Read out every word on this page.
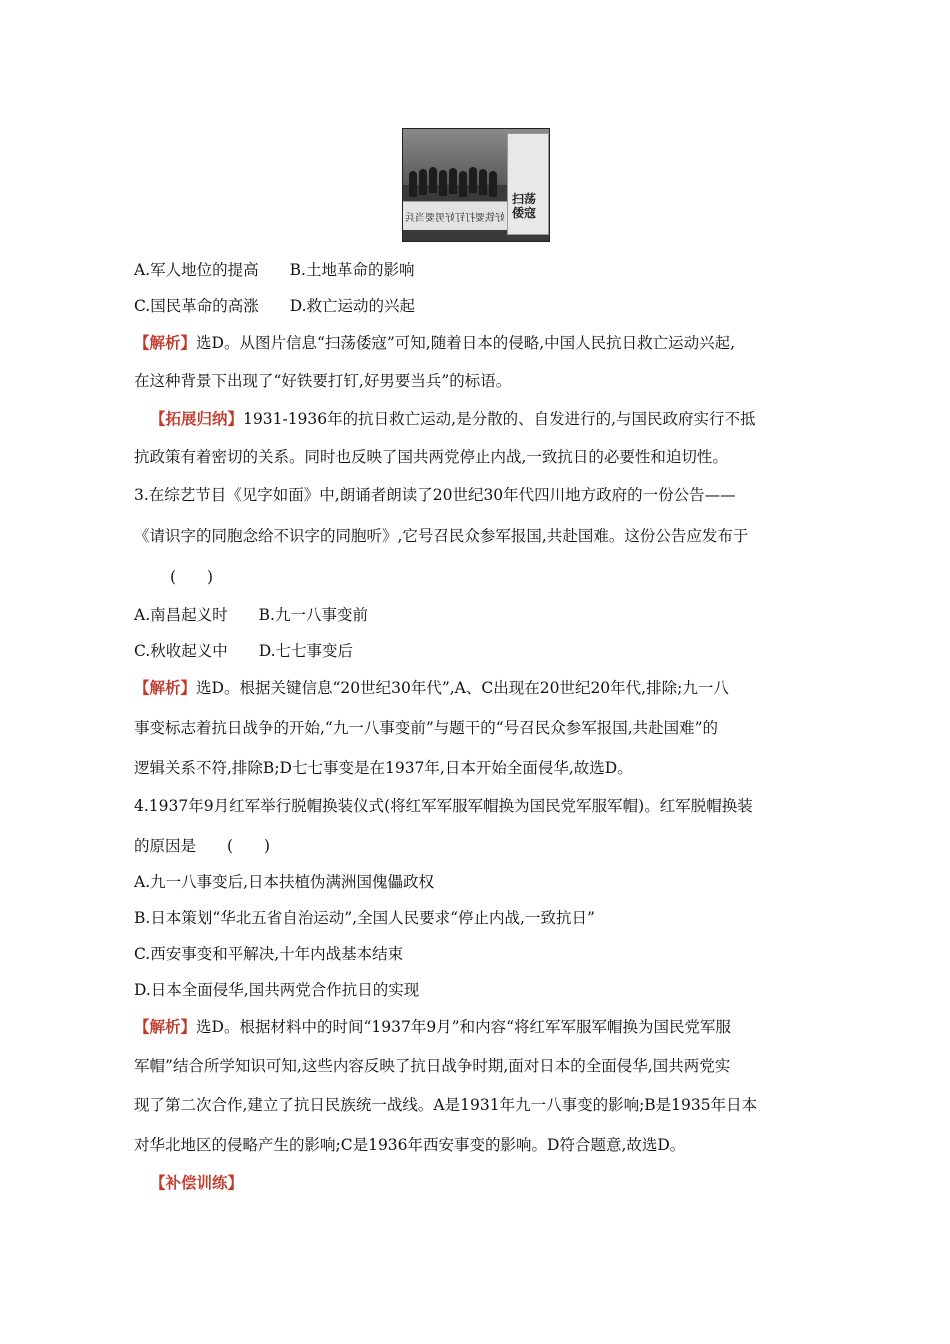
扫荡倭寇
好铁要打钉好男要当兵
A.军人地位的提高　　B.土地革命的影响
C.国民革命的高涨　　D.救亡运动的兴起
【解析】选D。从图片信息“扫荡倭寇”可知,随着日本的侵略,中国人民抗日救亡运动兴起,
在这种背景下出现了“好铁要打钉,好男要当兵”的标语。
【拓展归纳】1931-1936年的抗日救亡运动,是分散的、自发进行的,与国民政府实行不抵
抗政策有着密切的关系。同时也反映了国共两党停止内战,一致抗日的必要性和迫切性。
3.在综艺节目《见字如面》中,朗诵者朗读了20世纪30年代四川地方政府的一份公告——
《请识字的同胞念给不识字的同胞听》,它号召民众参军报国,共赴国难。这份公告应发布于
(　　)
A.南昌起义时　　B.九一八事变前
C.秋收起义中　　D.七七事变后
【解析】选D。根据关键信息“20世纪30年代”,A、C出现在20世纪20年代,排除;九一八
事变标志着抗日战争的开始,“九一八事变前”与题干的“号召民众参军报国,共赴国难”的
逻辑关系不符,排除B;D七七事变是在1937年,日本开始全面侵华,故选D。
4.1937年9月红军举行脱帽换装仪式(将红军军服军帽换为国民党军服军帽)。红军脱帽换装
的原因是　　(　　)
A.九一八事变后,日本扶植伪满洲国傀儡政权
B.日本策划“华北五省自治运动”,全国人民要求“停止内战,一致抗日”
C.西安事变和平解决,十年内战基本结束
D.日本全面侵华,国共两党合作抗日的实现
【解析】选D。根据材料中的时间“1937年9月”和内容“将红军军服军帽换为国民党军服
军帽”结合所学知识可知,这些内容反映了抗日战争时期,面对日本的全面侵华,国共两党实
现了第二次合作,建立了抗日民族统一战线。A是1931年九一八事变的影响;B是1935年日本
对华北地区的侵略产生的影响;C是1936年西安事变的影响。D符合题意,故选D。
【补偿训练】
